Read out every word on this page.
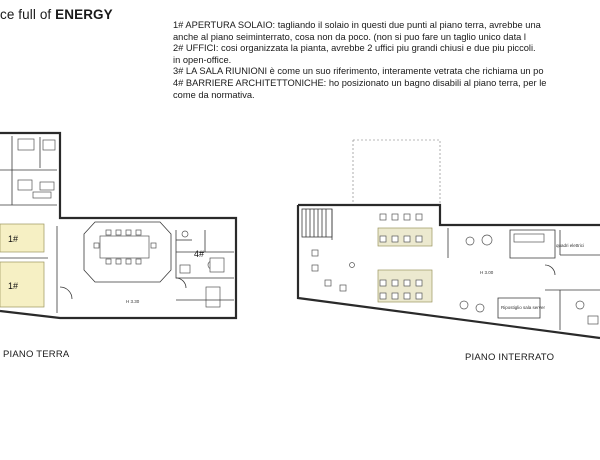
ce full of ENERGY
1# APERTURA SOLAIO: tagliando il solaio in questi due punti al piano terra, avrebbe una
anche al piano seiminterrato, cosa non da poco. (non si puo fare un taglio unico data l
2# UFFICI: cosi organizzata la pianta, avrebbe 2 uffici piu grandi chiusi e due piu piccoli.
in open-office.
3# LA SALA RIUNIONI è come un suo riferimento, interamente vetrata che richiama un po
4# BARRIERE ARCHITETTONICHE: ho posizionato un bagno disabili al piano terra, per le
come da normativa.
1#
1#
4#
H 3.30
quadri elettrici
Ripostiglio sala server
H 3.00
PIANO TERRA	PIANO INTERRATO
